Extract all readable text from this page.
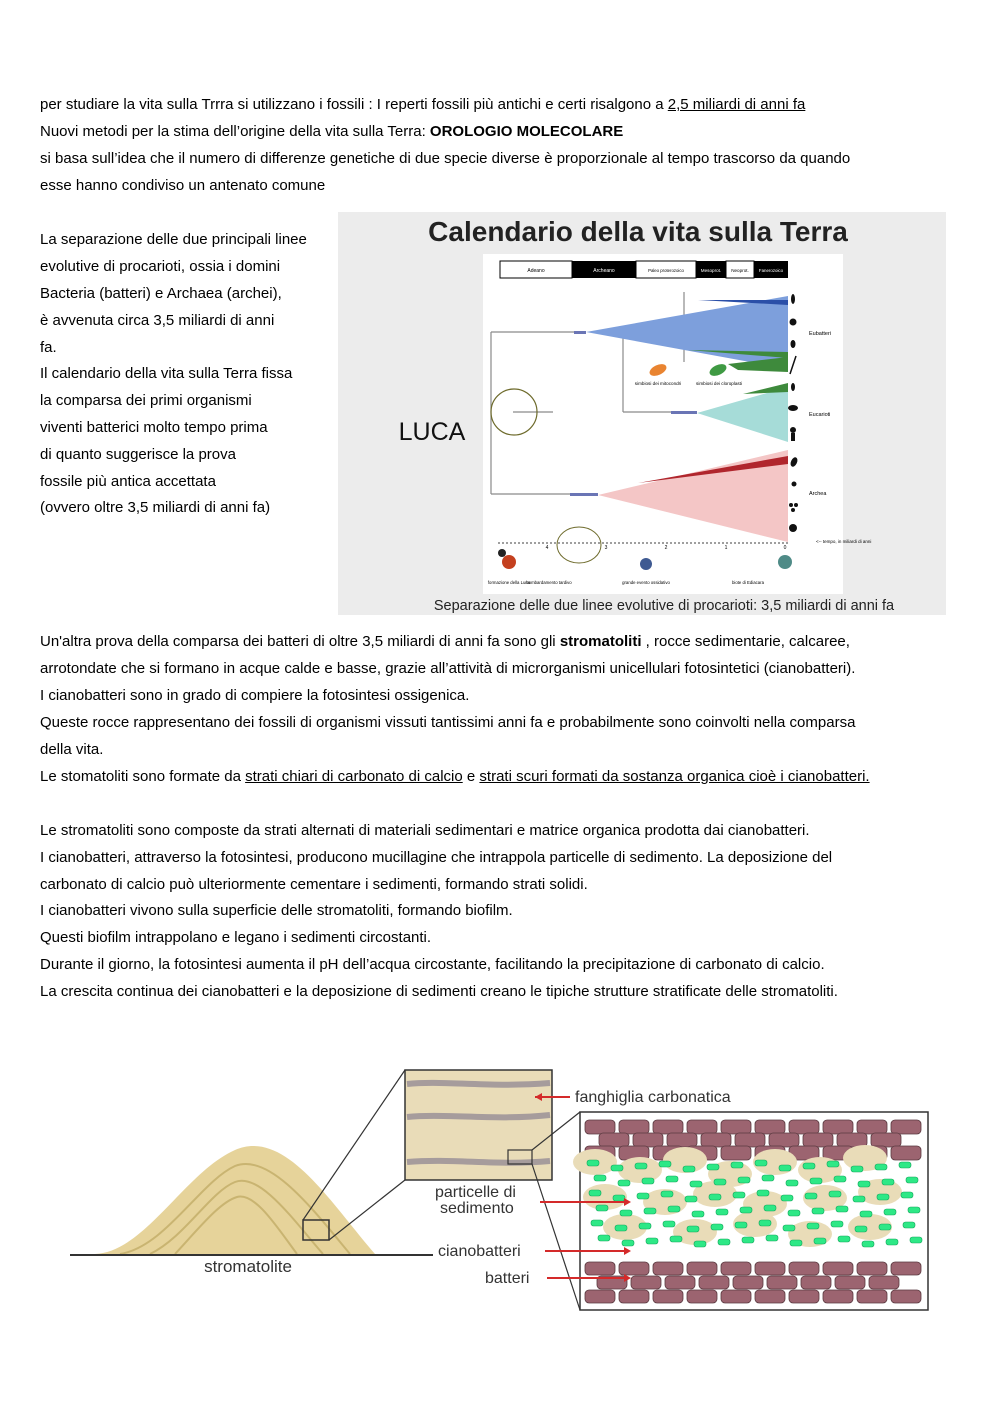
per studiare la vita sulla Trrra si utilizzano i fossili : I reperti fossili più antichi e certi risalgono a 2,5 miliardi di anni fa
Nuovi metodi per la stima dell’origine della vita sulla Terra: OROLOGIO MOLECOLARE
si basa sull’idea che il numero di differenze genetiche di due specie diverse è proporzionale al tempo trascorso da quando
esse hanno condiviso un antenato comune
La separazione delle due principali linee
evolutive di procarioti, ossia i domini
Bacteria (batteri) e Archaea (archei),
è avvenuta circa 3,5 miliardi di anni
fa.
Il calendario della vita sulla Terra fissa
la comparsa dei primi organismi
viventi batterici molto tempo prima
di quanto suggerisce la prova
fossile più antica accettata
(ovvero oltre 3,5 miliardi di anni fa)
Calendario della vita sulla Terra
Adeano	Archeano	Paleo proterozoico	Mesoprot. Neoprot. Fanerozoico
simbiosi dei mitocondri	simbiosi dei cloroplasti
Eubatteri
Eucarioti
Archea
LUCA
4	3	2	1	0
<-- tempo, in miliardi di anni
formazione della Luna
bombardamento tardivo	grande evento ossidativo	biote di Ediacara
Separazione delle due linee evolutive di procarioti: 3,5 miliardi di anni fa
Un'altra prova della comparsa dei batteri di oltre 3,5 miliardi di anni fa sono gli stromatoliti , rocce sedimentarie, calcaree,
arrotondate che si formano in acque calde e basse, grazie all’attività di microrganismi unicellulari fotosintetici (cianobatteri).
I cianobatteri sono in grado di compiere la fotosintesi ossigenica.
Queste rocce rappresentano dei fossili di organismi vissuti tantissimi anni fa e probabilmente sono coinvolti nella comparsa
della vita.
Le stomatoliti sono formate da strati chiari di carbonato di calcio e strati scuri formati da sostanza organica cioè i cianobatteri.
Le stromatoliti sono composte da strati alternati di materiali sedimentari e matrice organica prodotta dai cianobatteri.
I cianobatteri, attraverso la fotosintesi, producono mucillagine che intrappola particelle di sedimento. La deposizione del
carbonato di calcio può ulteriormente cementare i sedimenti, formando strati solidi.
I cianobatteri vivono sulla superficie delle stromatoliti, formando biofilm.
Questi biofilm intrappolano e legano i sedimenti circostanti.
Durante il giorno, la fotosintesi aumenta il pH dell’acqua circostante, facilitando la precipitazione di carbonato di calcio.
La crescita continua dei cianobatteri e la deposizione di sedimenti creano le tipiche strutture stratificate delle stromatoliti.
stromatolite
fanghiglia carbonatica
particelle di
sedimento
cianobatteri
batteri
